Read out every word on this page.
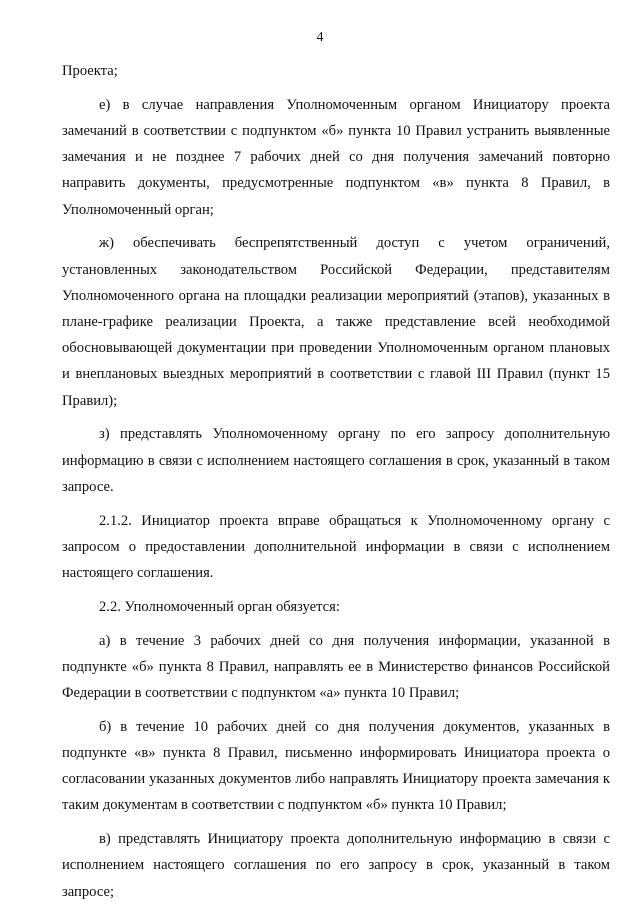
4

Проекта;

е) в случае направления Уполномоченным органом Инициатору проекта замечаний в соответствии с подпунктом «б» пункта 10 Правил устранить выявленные замечания и не позднее 7 рабочих дней со дня получения замечаний повторно направить документы, предусмотренные подпунктом «в» пункта 8 Правил, в Уполномоченный орган;

ж) обеспечивать беспрепятственный доступ с учетом ограничений, установленных законодательством Российской Федерации, представителям Уполномоченного органа на площадки реализации мероприятий (этапов), указанных в плане-графике реализации Проекта, а также представление всей необходимой обосновывающей документации при проведении Уполномоченным органом плановых и внеплановых выездных мероприятий в соответствии с главой III Правил (пункт 15 Правил);

з) представлять Уполномоченному органу по его запросу дополнительную информацию в связи с исполнением настоящего соглашения в срок, указанный в таком запросе.

2.1.2. Инициатор проекта вправе обращаться к Уполномоченному органу с запросом о предоставлении дополнительной информации в связи с исполнением настоящего соглашения.

2.2. Уполномоченный орган обязуется:

а) в течение 3 рабочих дней со дня получения информации, указанной в подпункте «б» пункта 8 Правил, направлять ее в Министерство финансов Российской Федерации в соответствии с подпунктом «а» пункта 10 Правил;

б) в течение 10 рабочих дней со дня получения документов, указанных в подпункте «в» пункта 8 Правил, письменно информировать Инициатора проекта о согласовании указанных документов либо направлять Инициатору проекта замечания к таким документам в соответствии с подпунктом «б» пункта 10 Правил;

в) представлять Инициатору проекта дополнительную информацию в связи с исполнением настоящего соглашения по его запросу в срок, указанный в таком запросе;
